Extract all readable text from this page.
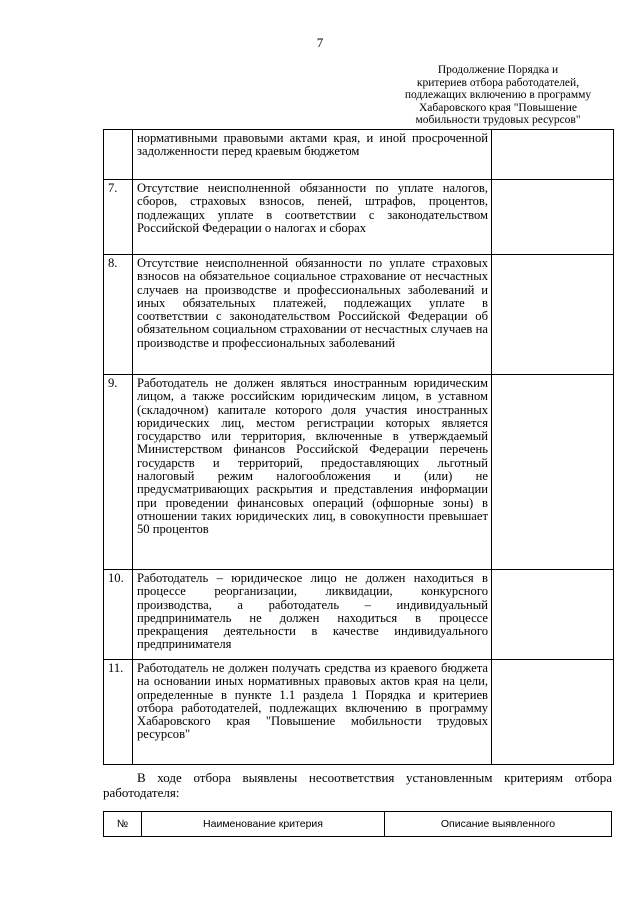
7
Продолжение Порядка и
критериев отбора работодателей,
подлежащих включению в программу
Хабаровского края "Повышение
мобильности трудовых ресурсов"

	нормативными правовыми актами края, и иной просроченной задолженности перед краевым бюджетом	

7.	Отсутствие неисполненной обязанности по уплате налогов, сборов, страховых взносов, пеней, штрафов, процентов, подлежащих уплате в соответствии с законодательством Российской Федерации о налогах и сборах	

8.	Отсутствие неисполненной обязанности по уплате страховых взносов на обязательное социальное страхование от несчастных случаев на производстве и профессиональных заболеваний и иных обязательных платежей, подлежащих уплате в соответствии с законодательством Российской Федерации об обязательном социальном страховании от несчастных случаев на производстве и профессиональных заболеваний	

9.	Работодатель не должен являться иностранным юридическим лицом, а также российским юридическим лицом, в уставном (складочном) капитале которого доля участия иностранных юридических лиц, местом регистрации которых является государство или территория, включенные в утверждаемый Министерством финансов Российской Федерации перечень государств и территорий, предоставляющих льготный налоговый режим налогообложения и (или) не предусматривающих раскрытия и представления информации при проведении финансовых операций (офшорные зоны) в отношении таких юридических лиц, в совокупности превышает 50 процентов	

10.	Работодатель – юридическое лицо не должен находиться в процессе реорганизации, ликвидации, конкурсного производства, а работодатель – индивидуальный предприниматель не должен находиться в процессе прекращения деятельности в качестве индивидуального предпринимателя	

11.	Работодатель не должен получать средства из краевого бюджета на основании иных нормативных правовых актов края на цели, определенные в пункте 1.1 раздела 1 Порядка и критериев отбора работодателей, подлежащих включению в программу Хабаровского края "Повышение мобильности трудовых ресурсов"	

В ходе отбора выявлены несоответствия установленным критериям отбора работодателя:
№	Наименование критерия	Описание выявленного
